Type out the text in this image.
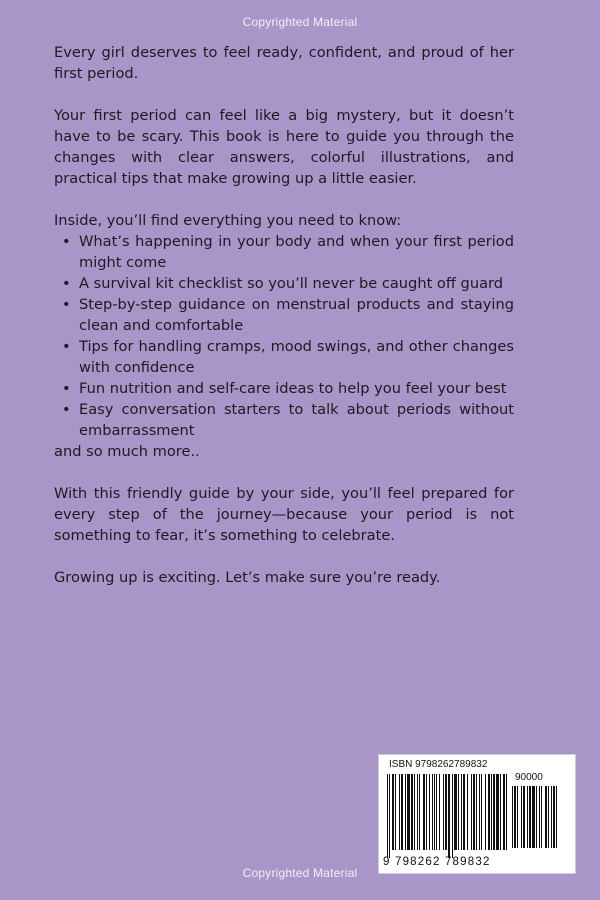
Copyrighted Material

Every girl deserves to feel ready, confident, and proud of her first period.

Your first period can feel like a big mystery, but it doesn’t have to be scary. This book is here to guide you through the changes with clear answers, colorful illustrations, and practical tips that make growing up a little easier.

Inside, you’ll find everything you need to know:

• What’s happening in your body and when your first period might come
• A survival kit checklist so you’ll never be caught off guard
• Step-by-step guidance on menstrual products and staying clean and comfortable
• Tips for handling cramps, mood swings, and other changes with confidence
• Fun nutrition and self-care ideas to help you feel your best
• Easy conversation starters to talk about periods without embarrassment

and so much more..

With this friendly guide by your side, you’ll feel prepared for every step of the journey—because your period is not something to fear, it’s something to celebrate.

Growing up is exciting. Let’s make sure you’re ready.

ISBN 9798262789832
90000
9 798262 789832
Copyrighted Material
